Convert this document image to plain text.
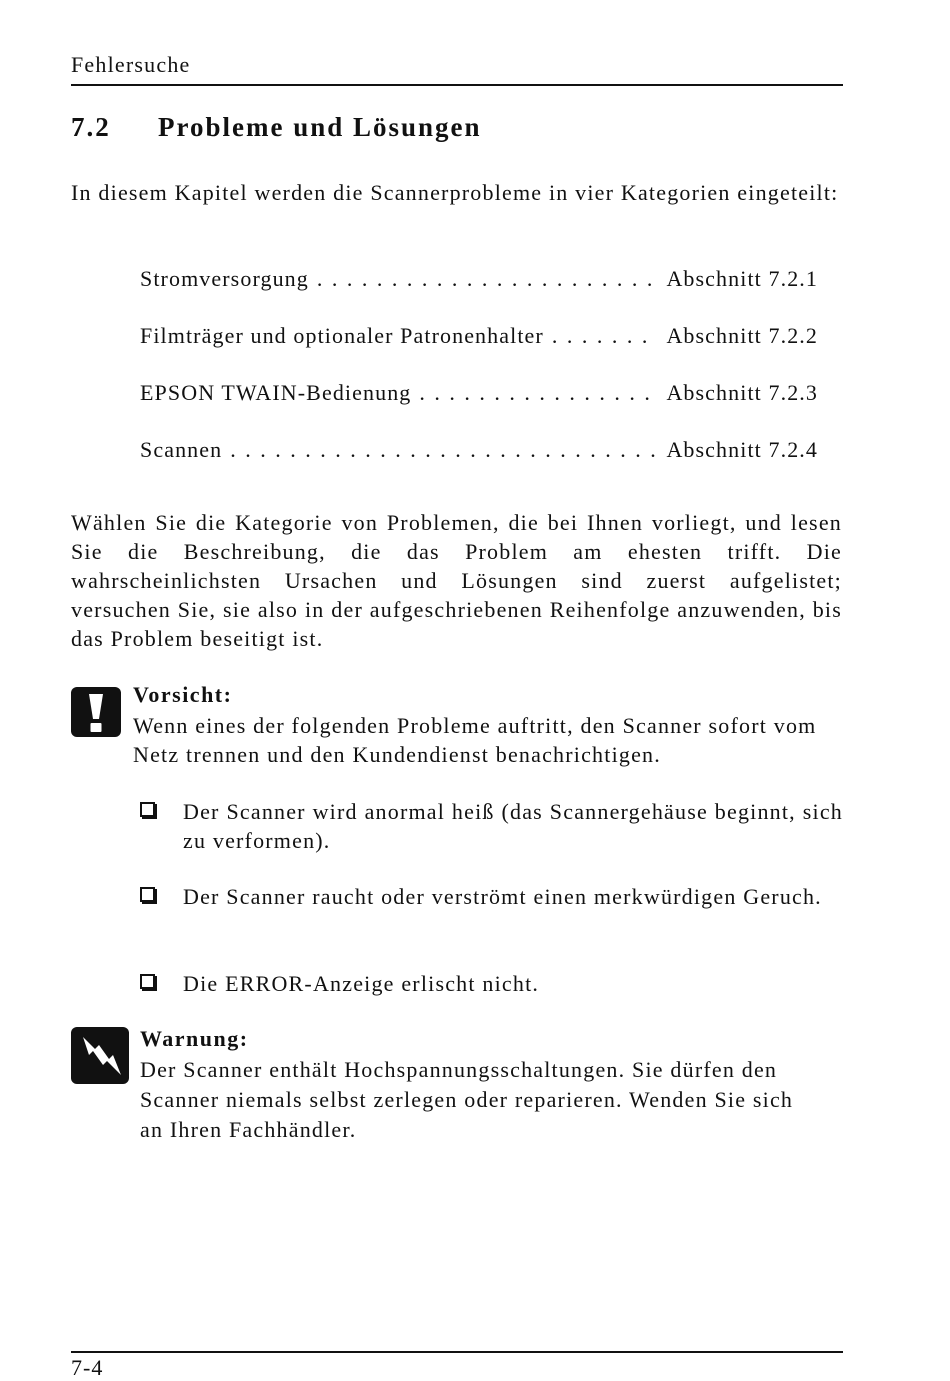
Fehlersuche
7.2 Probleme und Lösungen
In diesem Kapitel werden die Scannerprobleme in vier Kategorien eingeteilt:
Stromversorgung . . .	Abschnitt 7.2.1
Filmträger und optionaler Patronenhalter . . .	Abschnitt 7.2.2
EPSON TWAIN-Bedienung . . .	Abschnitt 7.2.3
Scannen . . .	Abschnitt 7.2.4
Wählen Sie die Kategorie von Problemen, die bei Ihnen vorliegt, und lesen Sie die Beschreibung, die das Problem am ehesten trifft. Die wahrscheinlichsten Ursachen und Lösungen sind zuerst aufgelistet; versuchen Sie, sie also in der aufgeschriebenen Reihenfolge anzuwenden, bis das Problem beseitigt ist.
Vorsicht:
Wenn eines der folgenden Probleme auftritt, den Scanner sofort vom Netz trennen und den Kundendienst benachrichtigen.
Der Scanner wird anormal heiß (das Scannergehäuse beginnt, sich zu verformen).
Der Scanner raucht oder verströmt einen merkwürdigen Geruch.
Die ERROR-Anzeige erlischt nicht.
Warnung:
Der Scanner enthält Hochspannungsschaltungen. Sie dürfen den Scanner niemals selbst zerlegen oder reparieren. Wenden Sie sich an Ihren Fachhändler.
7-4
